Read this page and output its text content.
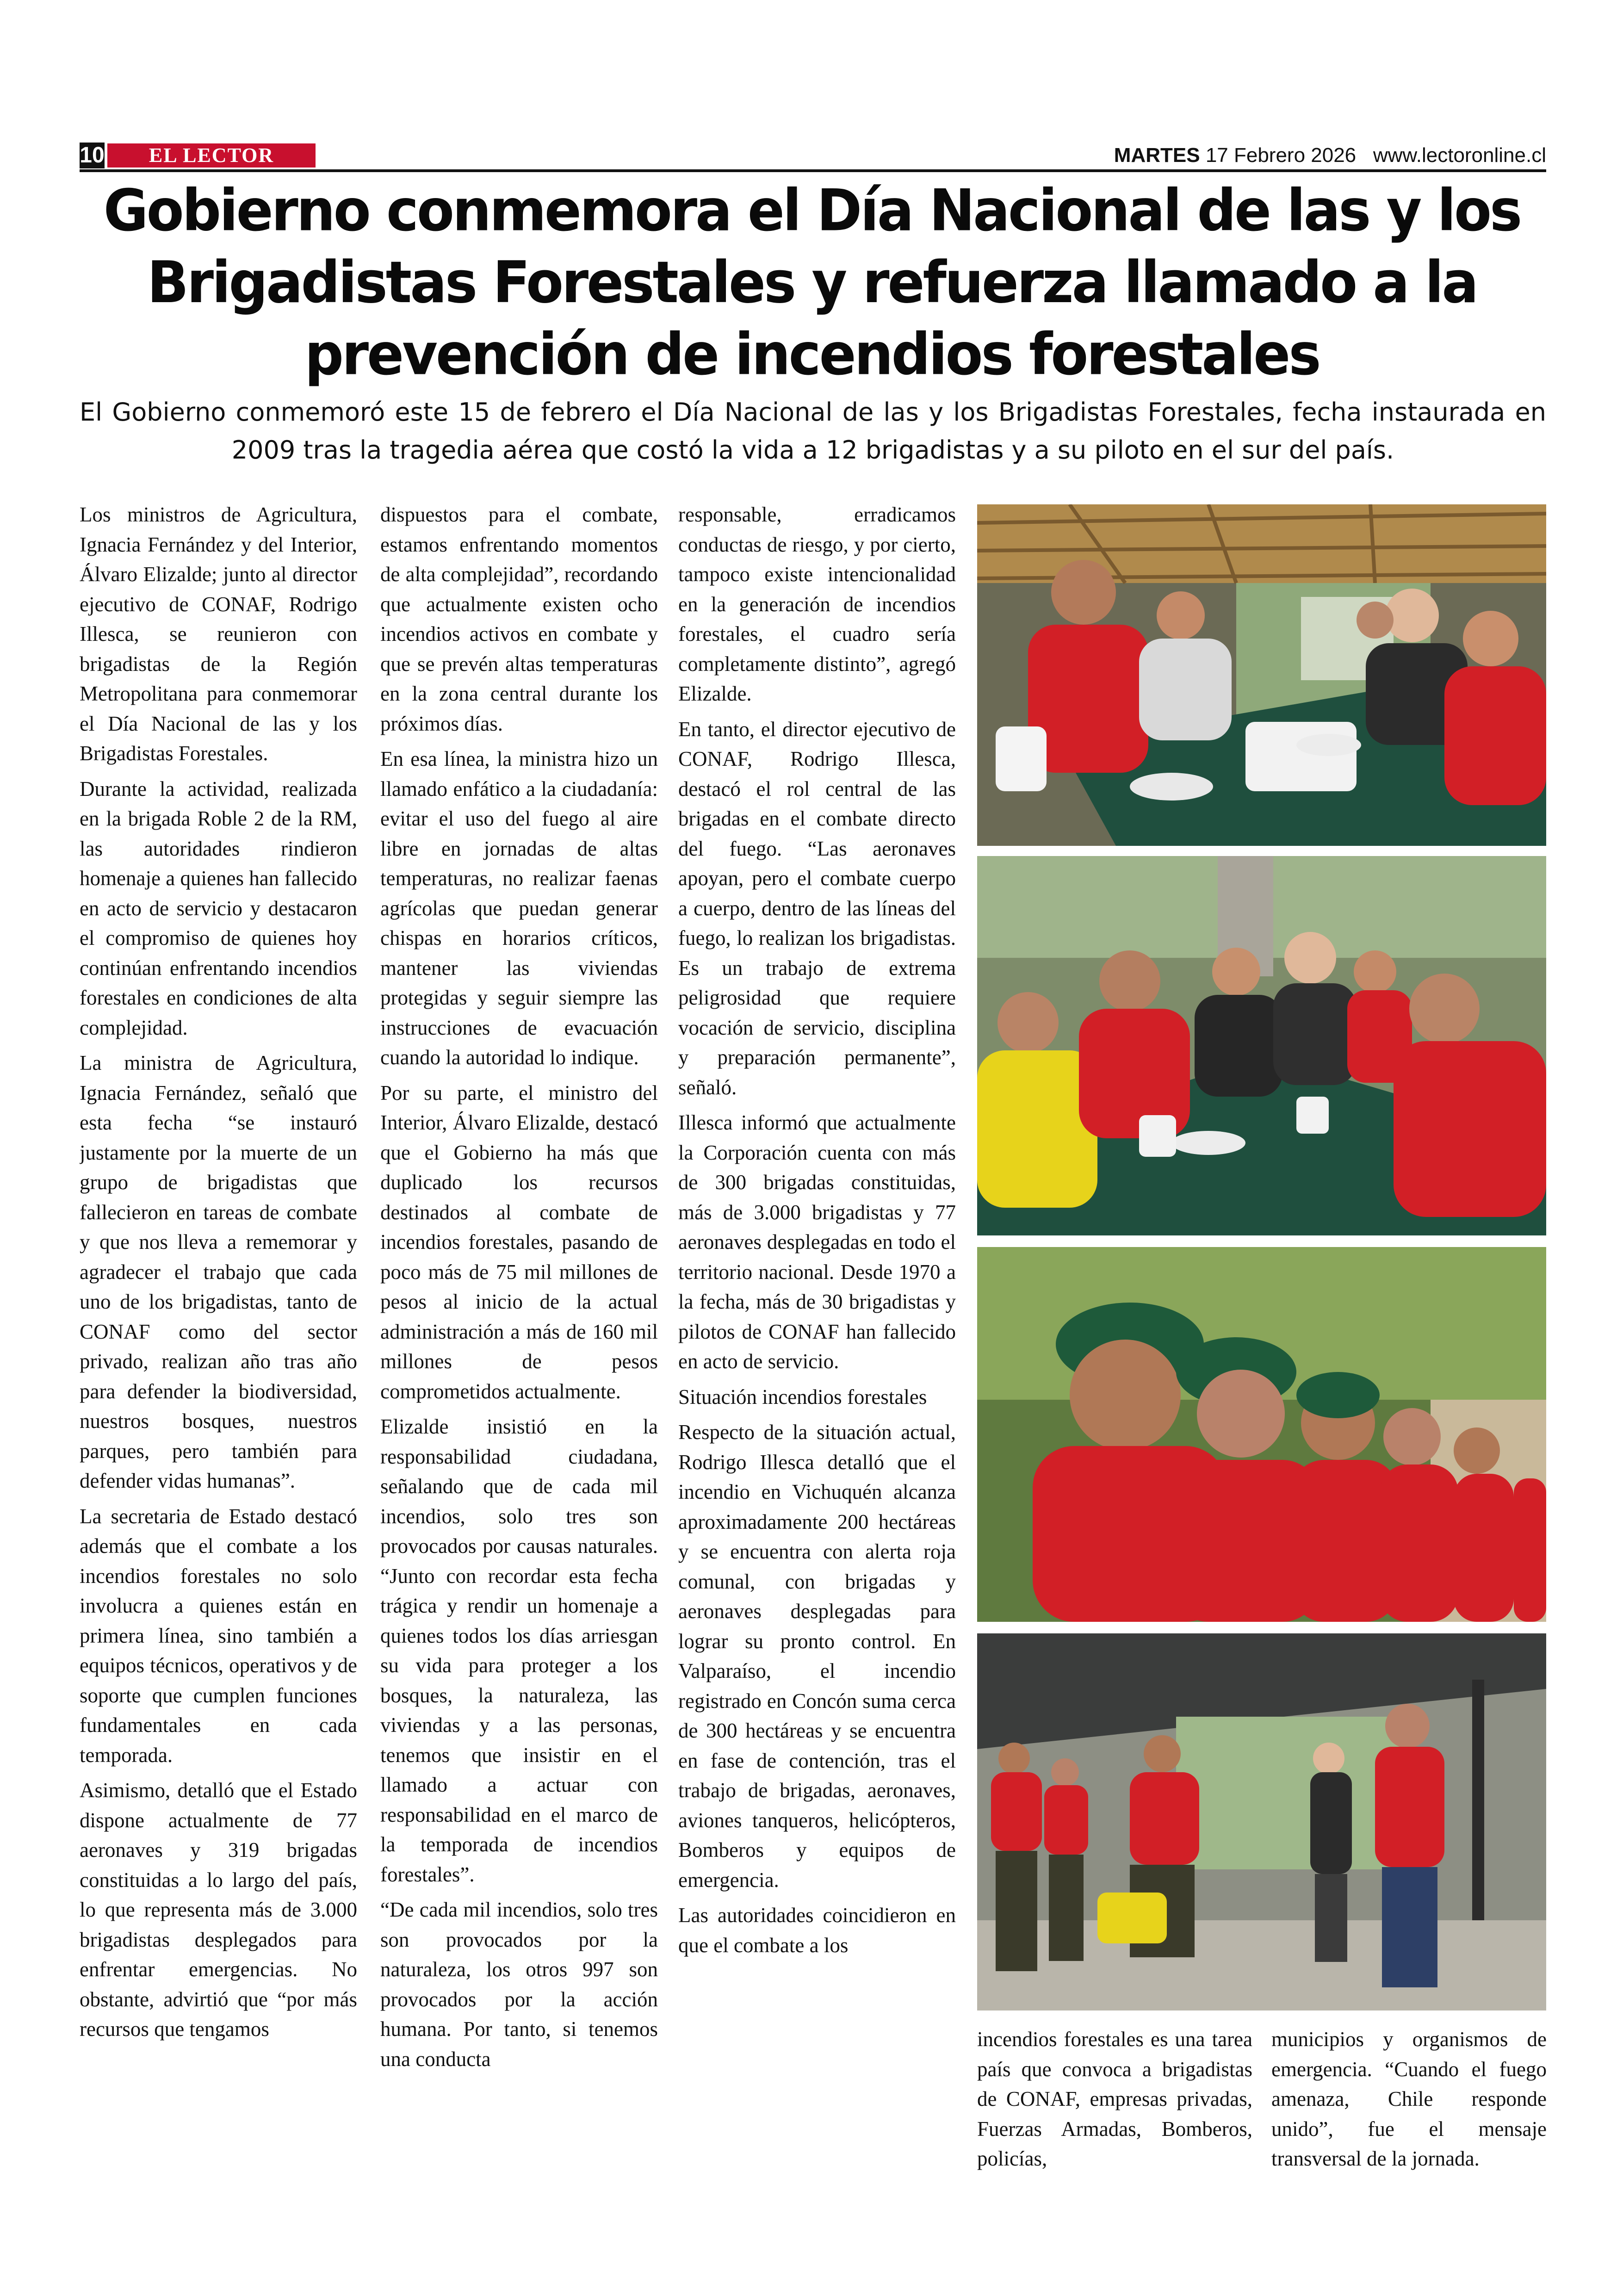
10	EL LECTOR	MARTES 17 Febrero 2026 www.lectoronline.cl
Gobierno conmemora el Día Nacional de las y los Brigadistas Forestales y refuerza llamado a la prevención de incendios forestales

El Gobierno conmemoró este 15 de febrero el Día Nacional de las y los Brigadistas Forestales, fecha instaurada en 2009 tras la tragedia aérea que costó la vida a 12 brigadistas y a su piloto en el sur del país.

Los ministros de Agricultura, Ignacia Fernández y del Interior, Álvaro Elizalde; junto al director ejecutivo de CONAF, Rodrigo Illesca, se reunieron con brigadistas de la Región Metropolitana para conmemorar el Día Nacional de las y los Brigadistas Forestales.

Durante la actividad, realizada en la brigada Roble 2 de la RM, las autoridades rindieron homenaje a quienes han fallecido en acto de servicio y destacaron el compromiso de quienes hoy continúan enfrentando incendios forestales en condiciones de alta complejidad.

La ministra de Agricultura, Ignacia Fernández, señaló que esta fecha “se instauró justamente por la muerte de un grupo de brigadistas que fallecieron en tareas de combate y que nos lleva a rememorar y agradecer el trabajo que cada uno de los brigadistas, tanto de CONAF como del sector privado, realizan año tras año para defender la biodiversidad, nuestros bosques, nuestros parques, pero también para defender vidas humanas”.

La secretaria de Estado destacó además que el combate a los incendios forestales no solo involucra a quienes están en primera línea, sino también a equipos técnicos, operativos y de soporte que cumplen funciones fundamentales en cada temporada.

Asimismo, detalló que el Estado dispone actualmente de 77 aeronaves y 319 brigadas constituidas a lo largo del país, lo que representa más de 3.000 brigadistas desplegados para enfrentar emergencias. No obstante, advirtió que “por más recursos que tengamos

dispuestos para el combate, estamos enfrentando momentos de alta complejidad”, recordando que actualmente existen ocho incendios activos en combate y que se prevén altas temperaturas en la zona central durante los próximos días.

En esa línea, la ministra hizo un llamado enfático a la ciudadanía: evitar el uso del fuego al aire libre en jornadas de altas temperaturas, no realizar faenas agrícolas que puedan generar chispas en horarios críticos, mantener las viviendas protegidas y seguir siempre las instrucciones de evacuación cuando la autoridad lo indique.

Por su parte, el ministro del Interior, Álvaro Elizalde, destacó que el Gobierno ha más que duplicado los recursos destinados al combate de incendios forestales, pasando de poco más de 75 mil millones de pesos al inicio de la actual administración a más de 160 mil millones de pesos comprometidos actualmente.

Elizalde insistió en la responsabilidad ciudadana, señalando que de cada mil incendios, solo tres son provocados por causas naturales. “Junto con recordar esta fecha trágica y rendir un homenaje a quienes todos los días arriesgan su vida para proteger a los bosques, la naturaleza, las viviendas y a las personas, tenemos que insistir en el llamado a actuar con responsabilidad en el marco de la temporada de incendios forestales”.

“De cada mil incendios, solo tres son provocados por la naturaleza, los otros 997 son provocados por la acción humana. Por tanto, si tenemos una conducta

responsable, erradicamos conductas de riesgo, y por cierto, tampoco existe intencionalidad en la generación de incendios forestales, el cuadro sería completamente distinto”, agregó Elizalde.

En tanto, el director ejecutivo de CONAF, Rodrigo Illesca, destacó el rol central de las brigadas en el combate directo del fuego. “Las aeronaves apoyan, pero el combate cuerpo a cuerpo, dentro de las líneas del fuego, lo realizan los brigadistas. Es un trabajo de extrema peligrosidad que requiere vocación de servicio, disciplina y preparación permanente”, señaló.

Illesca informó que actualmente la Corporación cuenta con más de 300 brigadas constituidas, más de 3.000 brigadistas y 77 aeronaves desplegadas en todo el territorio nacional. Desde 1970 a la fecha, más de 30 brigadistas y pilotos de CONAF han fallecido en acto de servicio.

Situación incendios forestales

Respecto de la situación actual, Rodrigo Illesca detalló que el incendio en Vichuquén alcanza aproximadamente 200 hectáreas y se encuentra con alerta roja comunal, con brigadas y aeronaves desplegadas para lograr su pronto control. En Valparaíso, el incendio registrado en Concón suma cerca de 300 hectáreas y se encuentra en fase de contención, tras el trabajo de brigadas, aeronaves, aviones tanqueros, helicópteros, Bomberos y equipos de emergencia.

Las autoridades coincidieron en que el combate a los

incendios forestales es una tarea país que convoca a brigadistas de CONAF, empresas privadas, Fuerzas Armadas, Bomberos, policías,

municipios y organismos de emergencia. “Cuando el fuego amenaza, Chile responde unido”, fue el mensaje transversal de la jornada.
